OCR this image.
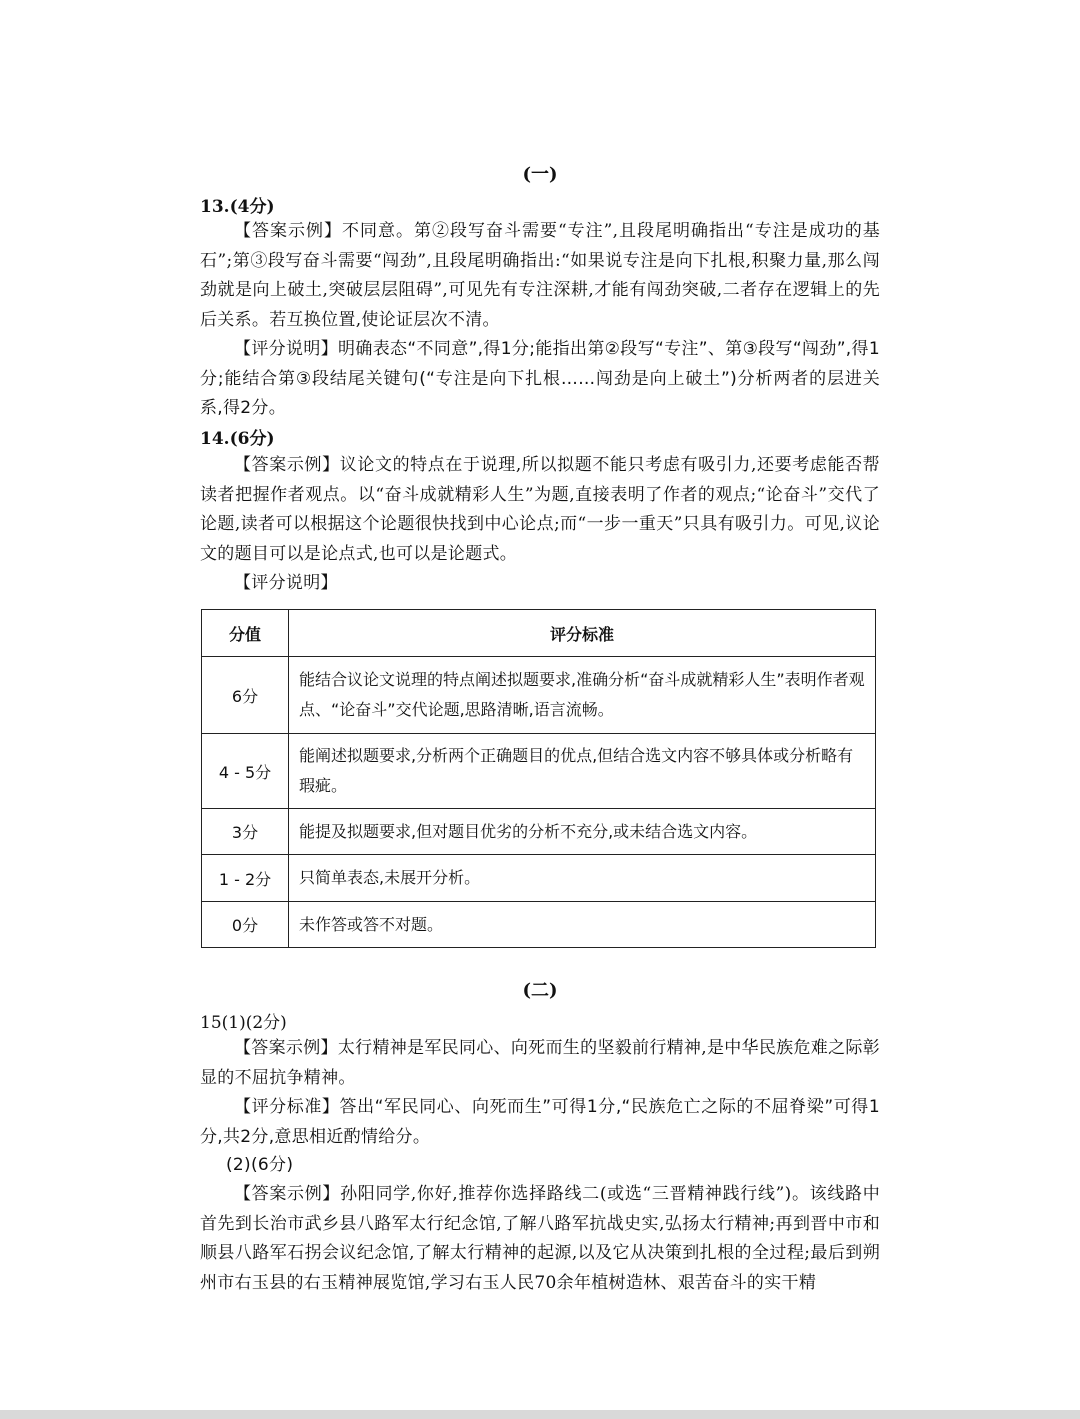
(一)
13.(4分)
【答案示例】不同意。第②段写奋斗需要“专注”,且段尾明确指出“专注是成功的基石”;第③段写奋斗需要“闯劲”,且段尾明确指出:“如果说专注是向下扎根,积聚力量,那么闯劲就是向上破土,突破层层阻碍”,可见先有专注深耕,才能有闯劲突破,二者存在逻辑上的先后关系。若互换位置,使论证层次不清。
【评分说明】明确表态“不同意”,得1分;能指出第②段写“专注”、第③段写“闯劲”,得1分;能结合第③段结尾关键句(“专注是向下扎根……闯劲是向上破土”)分析两者的层进关系,得2分。
14.(6分)
【答案示例】议论文的特点在于说理,所以拟题不能只考虑有吸引力,还要考虑能否帮读者把握作者观点。以“奋斗成就精彩人生”为题,直接表明了作者的观点;“论奋斗”交代了论题,读者可以根据这个论题很快找到中心论点;而“一步一重天”只具有吸引力。可见,议论文的题目可以是论点式,也可以是论题式。
【评分说明】
分值	评分标准
6分	能结合议论文说理的特点阐述拟题要求,准确分析“奋斗成就精彩人生”表明作者观点、“论奋斗”交代论题,思路清晰,语言流畅。
4 - 5分	能阐述拟题要求,分析两个正确题目的优点,但结合选文内容不够具体或分析略有瑕疵。
3分	能提及拟题要求,但对题目优劣的分析不充分,或未结合选文内容。
1 - 2分	只简单表态,未展开分析。
0分	未作答或答不对题。
(二)
15(1)(2分)
【答案示例】太行精神是军民同心、向死而生的坚毅前行精神,是中华民族危难之际彰显的不屈抗争精神。
【评分标准】答出“军民同心、向死而生”可得1分,“民族危亡之际的不屈脊梁”可得1分,共2分,意思相近酌情给分。
(2)(6分)
【答案示例】孙阳同学,你好,推荐你选择路线二(或选“三晋精神践行线”)。该线路中首先到长治市武乡县八路军太行纪念馆,了解八路军抗战史实,弘扬太行精神;再到晋中市和顺县八路军石拐会议纪念馆,了解太行精神的起源,以及它从决策到扎根的全过程;最后到朔州市右玉县的右玉精神展览馆,学习右玉人民70余年植树造林、艰苦奋斗的实干精
